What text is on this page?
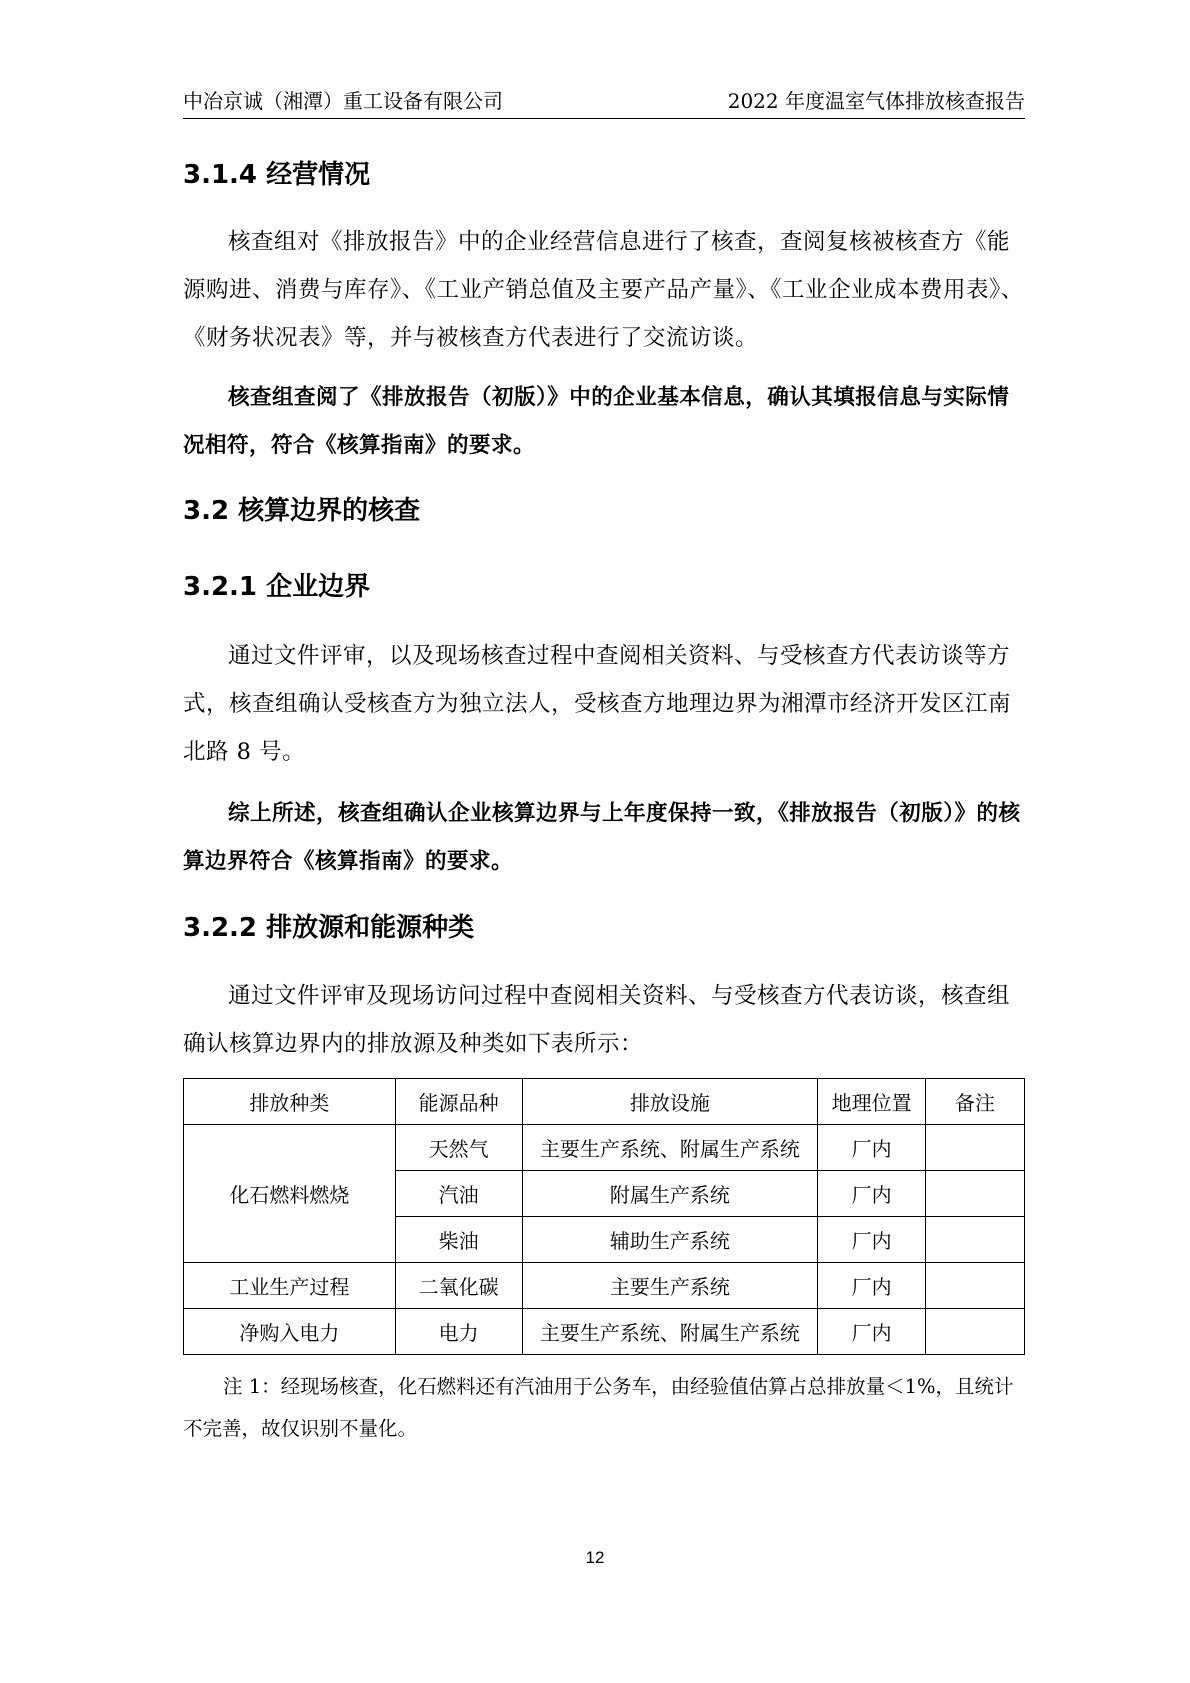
中冶京诚（湘潭）重工设备有限公司	2022 年度温室气体排放核查报告
3.1.4 经营情况

核查组对《排放报告》中的企业经营信息进行了核查，查阅复核被核查方《能源购进、消费与库存》、《工业产销总值及主要产品产量》、《工业企业成本费用表》、《财务状况表》等，并与被核查方代表进行了交流访谈。

核查组查阅了《排放报告（初版）》中的企业基本信息，确认其填报信息与实际情况相符，符合《核算指南》的要求。

3.2 核算边界的核查
3.2.1 企业边界

通过文件评审，以及现场核查过程中查阅相关资料、与受核查方代表访谈等方式，核查组确认受核查方为独立法人，受核查方地理边界为湘潭市经济开发区江南北路 8 号。

综上所述，核查组确认企业核算边界与上年度保持一致，《排放报告（初版）》的核算边界符合《核算指南》的要求。

3.2.2 排放源和能源种类

通过文件评审及现场访问过程中查阅相关资料、与受核查方代表访谈，核查组确认核算边界内的排放源及种类如下表所示：

排放种类	能源品种	排放设施	地理位置	备注
化石燃料燃烧	天然气	主要生产系统、附属生产系统	厂内	
	汽油	附属生产系统	厂内	
	柴油	辅助生产系统	厂内	
工业生产过程	二氧化碳	主要生产系统	厂内	
净购入电力	电力	主要生产系统、附属生产系统	厂内	

注 1：经现场核查，化石燃料还有汽油用于公务车，由经验值估算占总排放量＜1%，且统计不完善，故仅识别不量化。

12
